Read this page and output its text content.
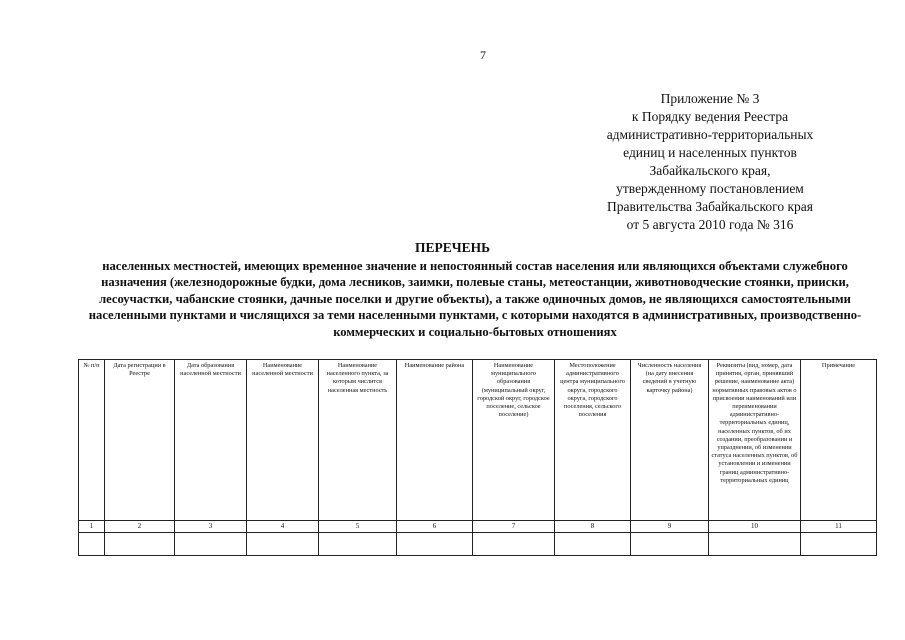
7
Приложение № 3
к Порядку ведения Реестра
административно-территориальных
единиц и населенных пунктов
Забайкальского края,
утвержденному постановлением
Правительства Забайкальского края
от 5 августа 2010 года № 316
ПЕРЕЧЕНЬ
населенных местностей, имеющих временное значение и непостоянный состав населения или являющихся объектами служебного назначения (железнодорожные будки, дома лесников, заимки, полевые станы, метеостанции, животноводческие стоянки, прииски, лесоучастки, чабанские стоянки, дачные поселки и другие объекты), а также одиночных домов, не являющихся самостоятельными населенными пунктами и числящихся за теми населенными пунктами, с которыми находятся в административных, производственно-коммерческих и социально-бытовых отношениях
№ п/п	Дата регистрации в Реестре	Дата образования населенной местности	Наименование населенной местности	Наименование населенного пункта, за которым числится населенная местность	Наименование района	Наименование муниципального образования (муниципальный округ, городской округ, городское поселение, сельское поселение)	Местоположение административного центра муниципального округа, городского округа, городского поселения, сельского поселения	Численность населения (на дату внесения сведений в учетную карточку района)	Реквизиты (вид, номер, дата принятия, орган, принявший решение, наименование акта) нормативных правовых актов о присвоении наименований или переименовании административно-территориальных единиц, населенных пунктов, об их создании, преобразовании и упразднении, об изменении статуса населенных пунктов, об установлении и изменении границ административно-территориальных единиц	Примечание
1	2	3	4	5	6	7	8	9	10	11
